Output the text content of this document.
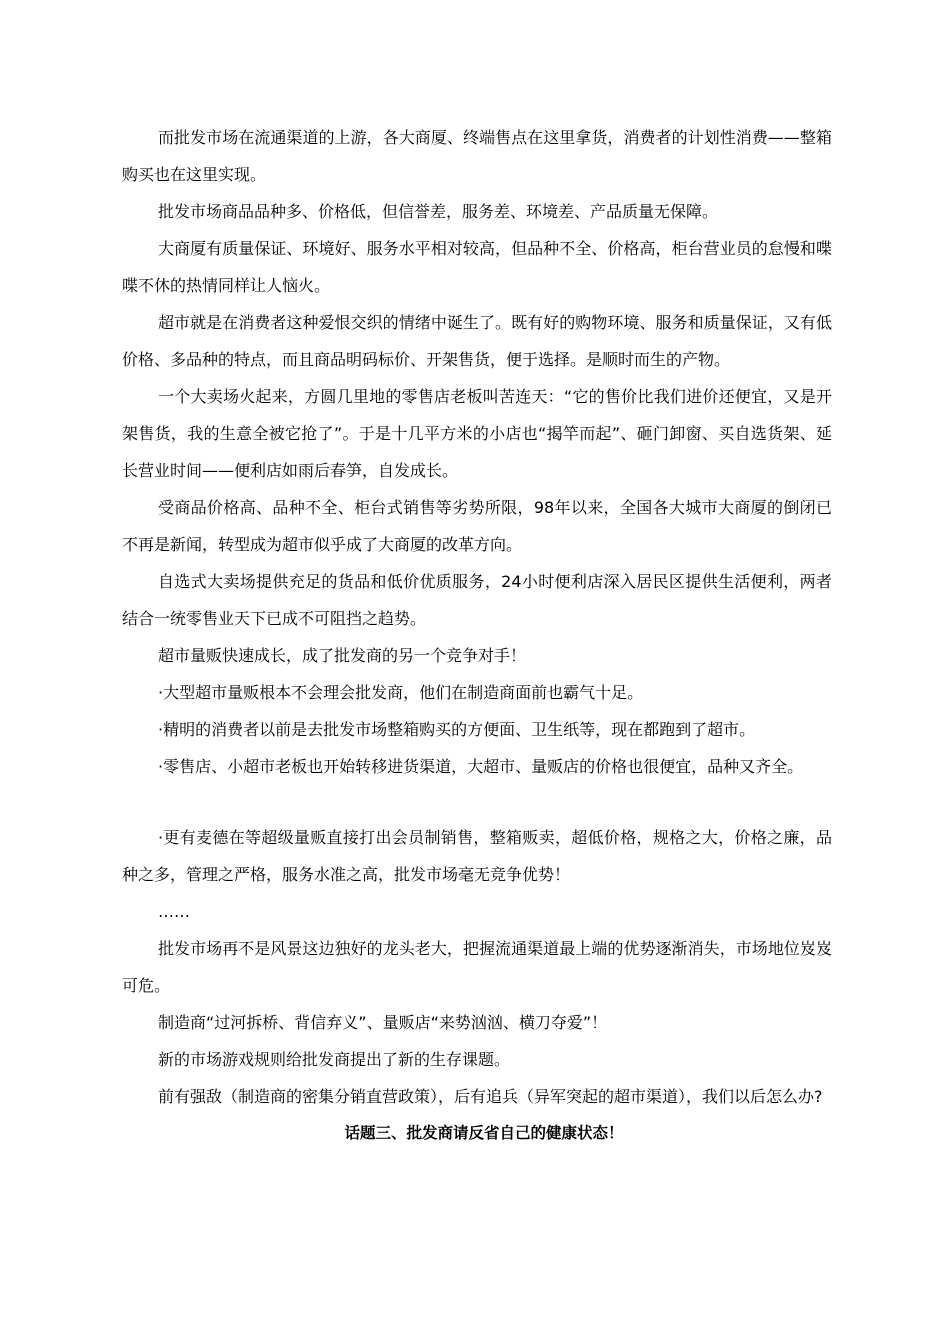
而批发市场在流通渠道的上游，各大商厦、终端售点在这里拿货，消费者的计划性消费——整箱购买也在这里实现。

批发市场商品品种多、价格低，但信誉差，服务差、环境差、产品质量无保障。

大商厦有质量保证、环境好、服务水平相对较高，但品种不全、价格高，柜台营业员的怠慢和喋喋不休的热情同样让人恼火。

超市就是在消费者这种爱恨交织的情绪中诞生了。既有好的购物环境、服务和质量保证，又有低价格、多品种的特点，而且商品明码标价、开架售货，便于选择。是顺时而生的产物。

一个大卖场火起来，方圆几里地的零售店老板叫苦连天：“它的售价比我们进价还便宜，又是开架售货，我的生意全被它抢了”。于是十几平方米的小店也“揭竿而起”、砸门卸窗、买自选货架、延长营业时间——便利店如雨后春笋，自发成长。

受商品价格高、品种不全、柜台式销售等劣势所限，98年以来，全国各大城市大商厦的倒闭已不再是新闻，转型成为超市似乎成了大商厦的改革方向。

自选式大卖场提供充足的货品和低价优质服务，24小时便利店深入居民区提供生活便利，两者结合一统零售业天下已成不可阻挡之趋势。

超市量贩快速成长，成了批发商的另一个竞争对手！

·大型超市量贩根本不会理会批发商，他们在制造商面前也霸气十足。

·精明的消费者以前是去批发市场整箱购买的方便面、卫生纸等，现在都跑到了超市。

·零售店、小超市老板也开始转移进货渠道，大超市、量贩店的价格也很便宜，品种又齐全。

·更有麦德在等超级量贩直接打出会员制销售，整箱贩卖，超低价格，规格之大，价格之廉，品种之多，管理之严格，服务水准之高，批发市场毫无竞争优势！

……

批发市场再不是风景这边独好的龙头老大，把握流通渠道最上端的优势逐渐消失，市场地位岌岌可危。

制造商“过河拆桥、背信弃义”、量贩店“来势汹汹、横刀夺爱”！

新的市场游戏规则给批发商提出了新的生存课题。

前有强敌（制造商的密集分销直营政策），后有追兵（异军突起的超市渠道），我们以后怎么办?

话题三、批发商请反省自己的健康状态！
